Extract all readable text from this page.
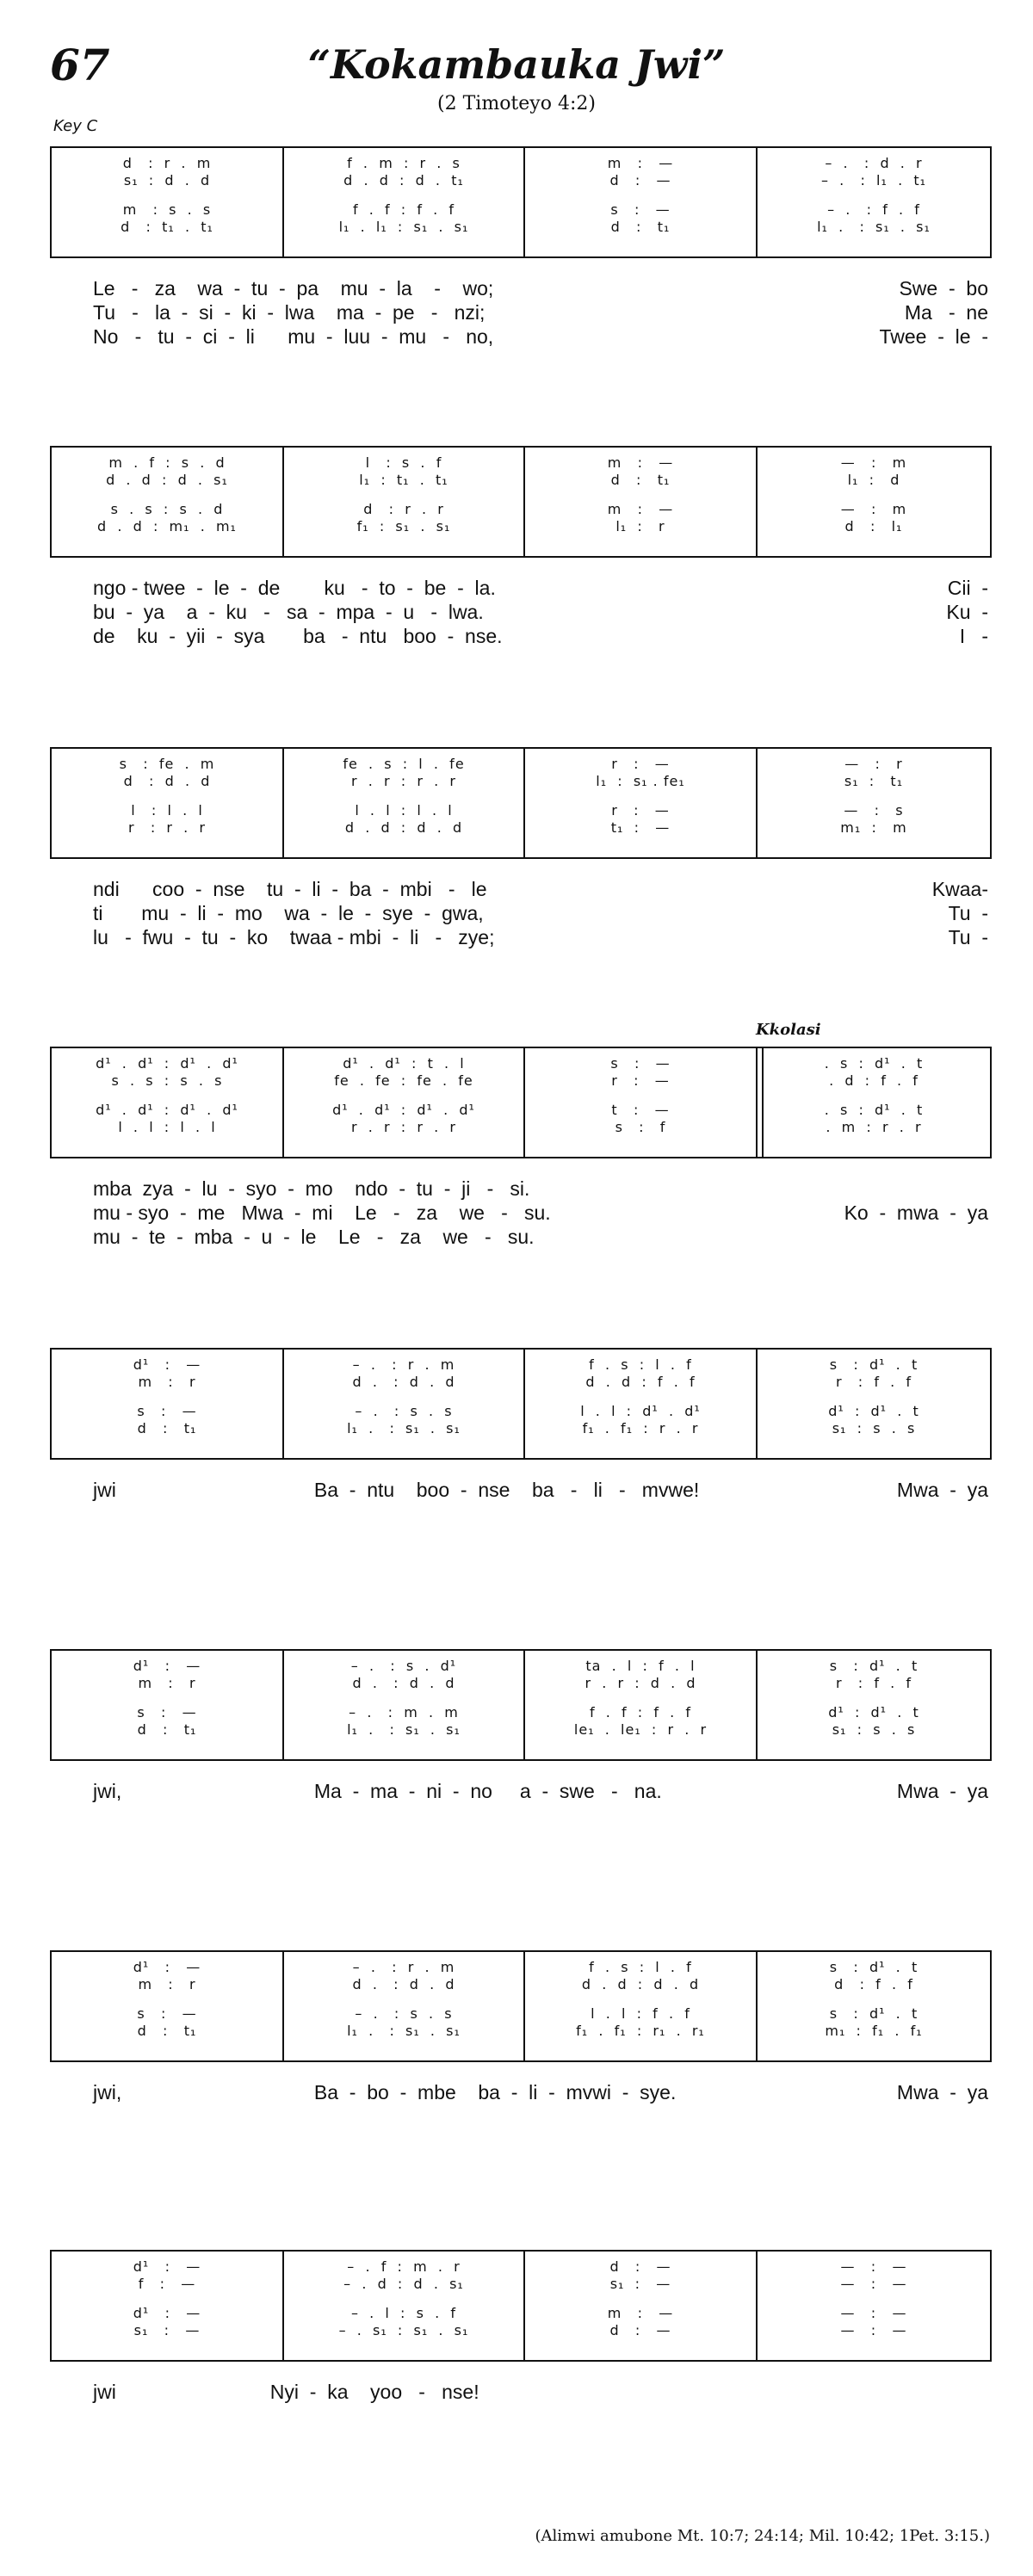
67	“Kokambauka Jwi”
(2 Timoteyo 4:2)
Key C
Kkolasi
d   :  r  .  m	f  .  m  :  r  .  s	m   :   —	–  .   :  d  .  r
s₁  :  d  .  d	d  .  d  :  d  .  t₁	d   :   —	–  .   :  l₁  .  t₁
m   :  s  .  s	f  .  f  :  f  .  f	s   :   —	–  .   :  f  .  f
d   :  t₁  .  t₁	l₁  .  l₁  :  s₁  .  s₁	d   :   t₁	l₁  .   :  s₁  .  s₁
Le   -   za    wa  -  tu  -  pa    mu  -  la    -    wo;	Swe  -  bo
Tu   -   la  -  si  -  ki  -  lwa    ma  -  pe   -   nzi;	Ma   -  ne
No   -   tu  -  ci  -  li      mu  -  luu  -  mu   -   no,	Twee  -  le  -
m  .  f  :  s  .  d	l   :  s  .  f	m   :   —	—   :   m
d  .  d  :  d  .  s₁	l₁  :  t₁  .  t₁	d   :   t₁	l₁  :   d
s  .  s  :  s  .  d	d   :  r  .  r	m   :   —	—   :   m
d  .  d  :  m₁  .  m₁	f₁  :  s₁  .  s₁	l₁  :   r	d   :   l₁
ngo - twee  -  le  -  de        ku   -  to  -  be  -  la.	Cii  -
bu  -  ya    a  -  ku   -   sa  -  mpa  -  u   -  lwa.	Ku  -
de    ku  -  yii  -  sya       ba   -  ntu   boo  -  nse.	I   -
s   :  fe  .  m	fe  .  s  :  l  .  fe	r   :   —	—   :   r
d   :  d  .  d	r  .  r  :  r  .  r	l₁  :  s₁ . fe₁	s₁  :   t₁
l   :  l  .  l	l  .  l  :  l  .  l	r   :   —	—   :   s
r   :  r  .  r	d  .  d  :  d  .  d	t₁  :   —	m₁  :   m
ndi      coo  -  nse    tu  -  li  -  ba  -  mbi   -   le	Kwaa-
ti       mu  -  li  -  mo    wa  -  le  -  sye  -  gwa,	Tu  -
lu   -  fwu  -  tu  -  ko    twaa - mbi  -  li   -   zye;	Tu  -
d¹  .  d¹  :  d¹  .  d¹	d¹  .  d¹  :  t  .  l	s   :   —	.  s  :  d¹  .  t
s  .  s  :  s  .  s	fe  .  fe  :  fe  .  fe	r   :   —	.  d  :  f  .  f
d¹  .  d¹  :  d¹  .  d¹	d¹  .  d¹  :  d¹  .  d¹	t   :   —	.  s  :  d¹  .  t
l  .  l  :  l  .  l	r  .  r  :  r  .  r	s   :   f	.  m  :  r  .  r
mba  zya  -  lu  -  syo  -  mo    ndo  -  tu  -  ji   -   si.
mu - syo  -  me   Mwa  -  mi    Le   -   za    we   -   su.	Ko  -  mwa  -  ya
mu  -  te  -  mba  -  u  -  le    Le   -   za    we   -   su.
d¹   :   —	–  .   :  r  .  m	f  .  s  :  l  .  f	s   :  d¹  .  t
m   :   r	d  .   :  d  .  d	d  .  d  :  f  .  f	r   :  f  .  f
s   :   —	–  .   :  s  .  s	l  .  l  :  d¹  .  d¹	d¹  :  d¹  .  t
d   :   t₁	l₁  .   :  s₁  .  s₁	f₁  .  f₁  :  r  .  r	s₁  :  s  .  s
jwi                                    Ba  -  ntu    boo  -  nse    ba   -   li   -   mvwe!	Mwa  -  ya
d¹   :   —	–  .   :  s  .  d¹	ta  .  l  :  f  .  l	s   :  d¹  .  t
m   :   r	d  .   :  d  .  d	r  .  r  :  d  .  d	r   :  f  .  f
s   :   —	–  .   :  m  .  m	f  .  f  :  f  .  f	d¹  :  d¹  .  t
d   :   t₁	l₁  .   :  s₁  .  s₁	le₁  .  le₁  :  r  .  r	s₁  :  s  .  s
jwi,                                   Ma  -  ma  -  ni  -  no     a  -  swe   -   na.	Mwa  -  ya
d¹   :   —	–  .   :  r  .  m	f  .  s  :  l  .  f	s   :  d¹  .  t
m   :   r	d  .   :  d  .  d	d  .  d  :  d  .  d	d   :  f  .  f
s   :   —	–  .   :  s  .  s	l  .  l  :  f  .  f	s   :  d¹  .  t
d   :   t₁	l₁  .   :  s₁  .  s₁	f₁  .  f₁  :  r₁  .  r₁	m₁  :  f₁  .  f₁
jwi,                                   Ba  -  bo  -  mbe    ba  -  li  -  mvwi  -  sye.	Mwa  -  ya
d¹   :   —	–  .  f  :  m  .  r	d   :   —	—   :   —
f   :   —	–  .  d  :  d  .  s₁	s₁  :   —	—   :   —
d¹   :   —	–  .  l  :  s  .  f	m   :   —	—   :   —
s₁   :   —	–  .  s₁  :  s₁  .  s₁	d   :   —	—   :   —
jwi                            Nyi  -  ka    yoo   -   nse!
(Alimwi amubone Mt. 10:7; 24:14; Mil. 10:42; 1Pet. 3:15.)
